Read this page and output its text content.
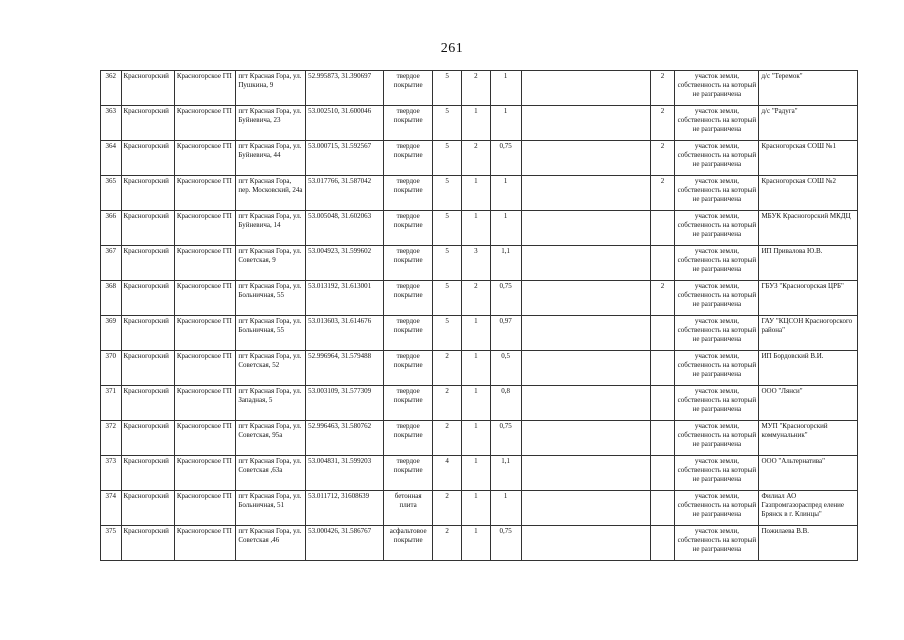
261
362	Красногорский	Красногорское ГП	пгт Красная Гора, ул. Пушкина, 9	52.995873, 31.390697	твердое покрытие	5	2	1		2	участок земли, собственность на который не разграничена	д/с "Теремок"
363	Красногорский	Красногорское ГП	пгт Красная Гора, ул. Буйневича, 23	53.002510, 31.600046	твердое покрытие	5	1	1		2	участок земли, собственность на который не разграничена	д/с "Радуга"
364	Красногорский	Красногорское ГП	пгт Красная Гора, ул. Буйневича, 44	53.000715, 31.592567	твердое покрытие	5	2	0,75		2	участок земли, собственность на который не разграничена	Красногорская СОШ №1
365	Красногорский	Красногорское ГП	пгт Красная Гора, пер. Московский, 24а	53.017766, 31.587042	твердое покрытие	5	1	1		2	участок земли, собственность на который не разграничена	Красногорская СОШ №2
366	Красногорский	Красногорское ГП	пгт Красная Гора, ул. Буйневича, 14	53.005048, 31.602063	твердое покрытие	5	1	1			участок земли, собственность на который не разграничена	МБУК Красногорский МКДЦ
367	Красногорский	Красногорское ГП	пгт Красная Гора, ул. Советская, 9	53.004923, 31.599602	твердое покрытие	5	3	1,1			участок земли, собственность на который не разграничена	ИП Привалова Ю.В.
368	Красногорский	Красногорское ГП	пгт Красная Гора, ул. Больничная, 55	53.013192, 31.613001	твердое покрытие	5	2	0,75		2	участок земли, собственность на который не разграничена	ГБУЗ "Красногорская ЦРБ"
369	Красногорский	Красногорское ГП	пгт Красная Гора, ул. Больничная, 55	53.013603, 31.614676	твердое покрытие	5	1	0,97			участок земли, собственность на который не разграничена	ГАУ "КЦСОН Красногорского района"
370	Красногорский	Красногорское ГП	пгт Красная Гора, ул. Советская, 52	52.996964, 31.579488	твердое покрытие	2	1	0,5			участок земли, собственность на который не разграничена	ИП Бордовский В.И.
371	Красногорский	Красногорское ГП	пгт Красная Гора, ул. Западная, 5	53.003109, 31.577309	твердое покрытие	2	1	0,8			участок земли, собственность на который не разграничена	ООО "Лянси"
372	Красногорский	Красногорское ГП	пгт Красная Гора, ул. Советская, 95а	52.996463, 31.580762	твердое покрытие	2	1	0,75			участок земли, собственность на который не разграничена	МУП "Красногорский коммунальник"
373	Красногорский	Красногорское ГП	пгт Красная Гора, ул. Советская ,63а	53.004831, 31.599203	твердое покрытие	4	1	1,1			участок земли, собственность на который не разграничена	ООО "Альтернатива"
374	Красногорский	Красногорское ГП	пгт Красная Гора, ул. Больничная, 51	53.011712, 31608639	бетонная плита	2	1	1			участок земли, собственность на который не разграничена	Филиал АО Газпромгазораспред еление Брянск в г. Клинцы"
375	Красногорский	Красногорское ГП	пгт Красная Гора, ул. Советская ,46	53.000426, 31.586767	асфальтовое покрытие	2	1	0,75			участок земли, собственность на который не разграничена	Пожилаева В.В.
